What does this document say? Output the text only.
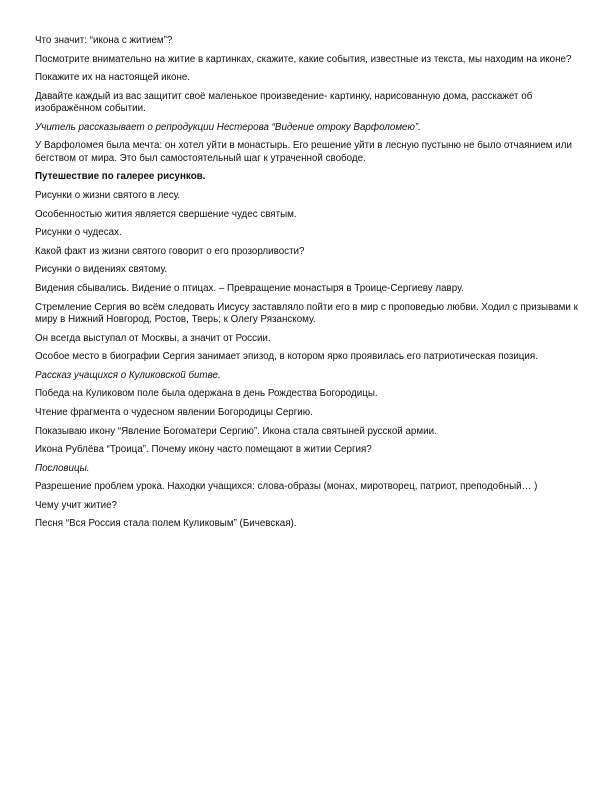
Что значит: “икона с житием”?

Посмотрите внимательно на житие в картинках, скажите, какие события, известные из текста, мы находим на иконе?

Покажите их на настоящей иконе.

Давайте каждый из вас защитит своё маленькое произведение- картинку, нарисованную дома, расскажет об изображённом событии.

Учитель рассказывает о репродукции Нестерова “Видение отроку Варфоломею”.

У Варфоломея была мечта: он хотел уйти в монастырь. Его решение уйти в лесную пустыню не было отчаянием или бегством от мира. Это был самостоятельный шаг к утраченной свободе.

Путешествие по галерее рисунков.

Рисунки о жизни святого в лесу.

Особенностью жития является свершение чудес святым.

Рисунки о чудесах.

Какой факт из жизни святого говорит о его прозорливости?

Рисунки о видениях святому.

Видения сбывались. Видение о птицах. – Превращение монастыря в Троице-Сергиеву лавру.

Стремление Сергия во всём следовать Иисусу заставляло пойти его в мир с проповедью любви. Ходил с призывами к миру в Нижний Новгород, Ростов, Тверь; к Олегу Рязанскому.

Он всегда выступал от Москвы, а значит от России.

Особое место в биографии Сергия занимает эпизод, в котором ярко проявилась его патриотическая позиция.

Рассказ учащихся о Куликовской битве.

Победа на Куликовом поле была одержана в день Рождества Богородицы.

Чтение фрагмента о чудесном явлении Богородицы Сергию.

Показываю икону “Явление Богоматери Сергию”. Икона стала святыней русской армии.

Икона Рублёва “Троица”. Почему икону часто помещают в житии Сергия?

Пословицы.

Разрешение проблем урока. Находки учащихся: слова-образы (монах, миротворец, патриот, преподобный… )

Чему учит житие?

Песня “Вся Россия стала полем Куликовым” (Бичевская).
